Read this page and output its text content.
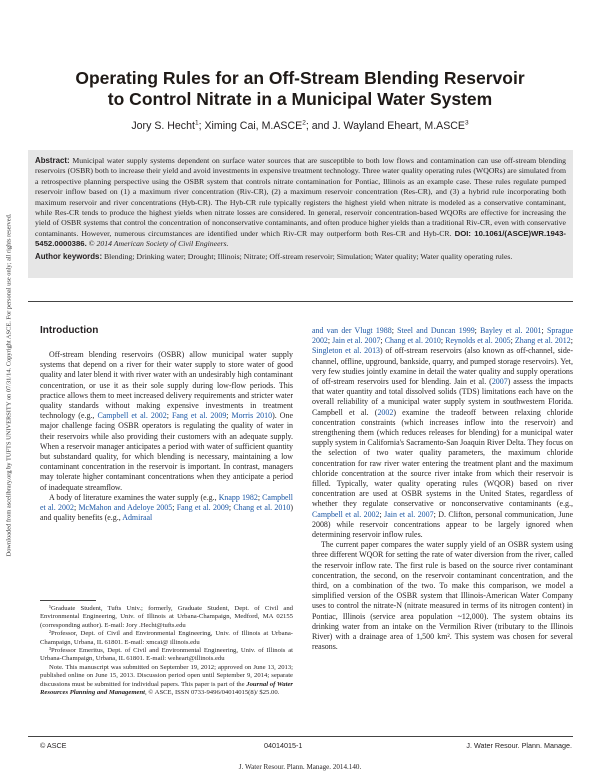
Downloaded from ascelibrary.org by TUFTS UNIVERSITY on 07/31/14. Copyright ASCE. For personal use only; all rights reserved.
Operating Rules for an Off-Stream Blending Reservoir
to Control Nitrate in a Municipal Water System
Jory S. Hecht$^1$; Ximing Cai, M.ASCE$^2$; and J. Wayland Eheart, M.ASCE$^3$
Abstract: Municipal water supply systems dependent on surface water sources that are susceptible to both low flows and contamination can use off-stream blending reservoirs (OSBR) both to increase their yield and avoid investments in expensive treatment technology. Three water quality operating rules (WQORs) are simulated from a retrospective planning perspective using the OSBR system that controls nitrate contamination for Pontiac, Illinois as an example case. These rules regulate pumped reservoir inflow based on (1) a maximum river concentration (Riv-CR), (2) a maximum reservoir concentration (Res-CR), and (3) a hybrid rule incorporating both maximum reservoir and river concentrations (Hyb-CR). The Hyb-CR rule typically registers the highest yield when nitrate is modeled as a conservative contaminant, while Res-CR tends to produce the highest yields when nitrate losses are considered. In general, reservoir concentration-based WQORs are effective for increasing the yield of OSBR systems that control the concentration of nonconservative contaminants, and often produce higher yields than a traditional Riv-CR, even with conservative contaminants. However, numerous circumstances are identified under which Riv-CR may outperform both Res-CR and Hyb-CR. DOI: 10.1061/(ASCE)WR.1943-5452.0000386. © 2014 American Society of Civil Engineers.
Author keywords: Blending; Drinking water; Drought; Illinois; Nitrate; Off-stream reservoir; Simulation; Water quality; Water quality operating rules.
Introduction

Off-stream blending reservoirs (OSBR) allow municipal water supply systems that depend on a river for their water supply to store water of good quality and later blend it with river water with an undesirably high contaminant concentration, or use it as their sole supply during low-flow periods. This practice allows them to meet increased delivery requirements and stricter water quality standards without making expensive investments in treatment technology (e.g., Campbell et al. 2002; Fang et al. 2009; Morris 2010). One major challenge facing OSBR operators is regulating the quality of water in their reservoirs while also providing their customers with an adequate supply. When a reservoir manager anticipates a period with water of sufficient quantity but substandard quality, for which blending is necessary, maintaining a low contaminant concentration in the reservoir is important. In contrast, managers may tolerate higher contaminant concentrations when they anticipate a period of inadequate streamflow.

A body of literature examines the water supply (e.g., Knapp 1982; Campbell et al. 2002; McMahon and Adeloye 2005; Fang et al. 2009; Chang et al. 2010) and quality benefits (e.g., Admiraal

¹Graduate Student, Tufts Univ.; formerly, Graduate Student, Dept. of Civil and Environmental Engineering, Univ. of Illinois at Urbana-Champaign, Medford, MA 02155 (corresponding author). E-mail: Jory .Hecht@tufts.edu

²Professor, Dept. of Civil and Environmental Engineering, Univ. of Illinois at Urbana-Champaign, Urbana, IL 61801. E-mail: xmcai@ illinois.edu

³Professor Emeritus, Dept. of Civil and Environmental Engineering, Univ. of Illinois at Urbana-Champaign, Urbana, IL 61801. E-mail: weheart@illinois.edu

Note. This manuscript was submitted on September 19, 2012; approved on June 13, 2013; published online on June 15, 2013. Discussion period open until September 9, 2014; separate discussions must be submitted for individual papers. This paper is part of the Journal of Water Resources Planning and Management, © ASCE, ISSN 0733-9496/04014015(8)/ $25.00.

and van der Vlugt 1988; Steel and Duncan 1999; Bayley et al. 2001; Sprague 2002; Jain et al. 2007; Chang et al. 2010; Reynolds et al. 2005; Zhang et al. 2012; Singleton et al. 2013) of off-stream reservoirs (also known as off-channel, side-channel, offline, upground, bankside, quarry, and pumped storage reservoirs). Yet, very few studies jointly examine in detail the water quality and supply operations of off-stream reservoirs used for blending. Jain et al. (2007) assess the impacts that water quantity and total dissolved solids (TDS) limitations each have on the overall reliability of a municipal water supply system in southwestern Florida. Campbell et al. (2002) examine the tradeoff between relaxing chloride concentration constraints (which increases inflow into the reservoir) and strengthening them (which reduces releases for blending) for a municipal water supply system in California's Sacramento-San Joaquin River Delta. They focus on the selection of two water quality parameters, the maximum chloride concentration for raw river water entering the treatment plant and the maximum chloride concentration at the source river intake from which their reservoir is filled. Typically, water quality operating rules (WQOR) based on river concentration are used at OSBR systems in the United States, regardless of whether they regulate conservative or nonconservative contaminants (e.g., Campbell et al. 2002; Jain et al. 2007; D. Clifton, personal communication, June 2008) while reservoir concentrations appear to be largely ignored when determining reservoir inflow rules.

The current paper compares the water supply yield of an OSBR system using three different WQOR for setting the rate of water diversion from the river, called the reservoir inflow rate. The first rule is based on the source river contaminant concentration, the second, on the reservoir contaminant concentration, and the third, on a combination of the two. To make this comparison, we model a simplified version of the OSBR system that Illinois-American Water Company uses to control the nitrate-N (nitrate measured in terms of its nitrogen content) in Pontiac, Illinois (service area population ~12,000). The system obtains its drinking water from an intake on the Vermilion River (tributary to the Illinois River) with a drainage area of 1,500 km². This system was chosen for several reasons.

© ASCE	04014015-1	J. Water Resour. Plann. Manage.
J. Water Resour. Plann. Manage. 2014.140.
